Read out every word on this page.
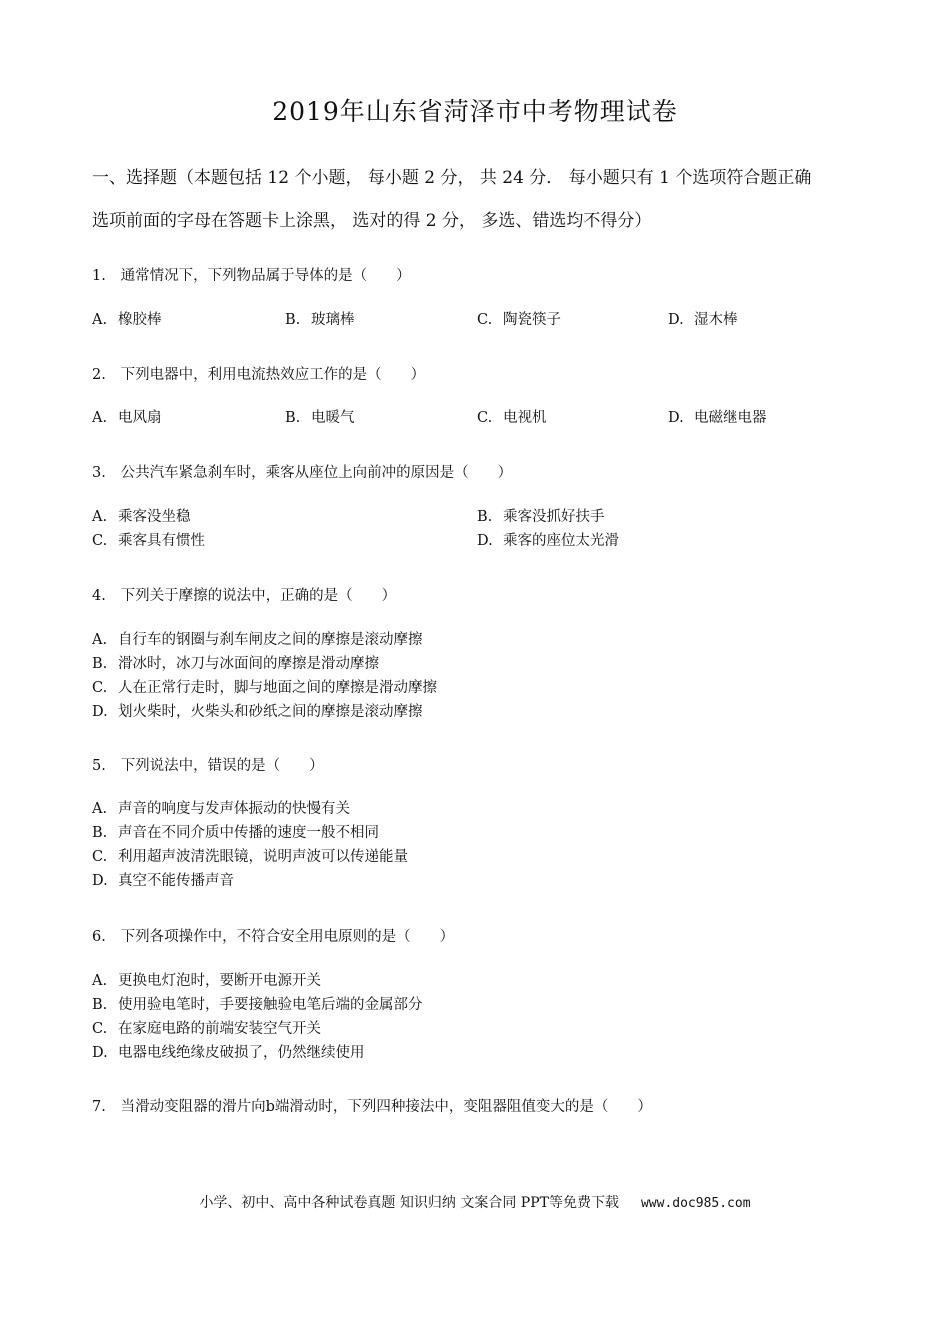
2019年山东省菏泽市中考物理试卷
一、选择题（本题包括 12 个小题， 每小题 2 分， 共 24 分． 每小题只有 1 个选项符合题正确
选项前面的字母在答题卡上涂黑， 选对的得 2 分， 多选、错选均不得分）
1. 通常情况下，下列物品属于导体的是（　　）
A. 橡胶棒	B. 玻璃棒	C. 陶瓷筷子	D. 湿木棒
2. 下列电器中，利用电流热效应工作的是（　　）
A. 电风扇	B. 电暖气	C. 电视机	D. 电磁继电器
3. 公共汽车紧急刹车时，乘客从座位上向前冲的原因是（　　）
A. 乘客没坐稳	B. 乘客没抓好扶手
C. 乘客具有惯性	D. 乘客的座位太光滑
4. 下列关于摩擦的说法中，正确的是（　　）
A. 自行车的钢圈与刹车闸皮之间的摩擦是滚动摩擦
B. 滑冰时，冰刀与冰面间的摩擦是滑动摩擦
C. 人在正常行走时，脚与地面之间的摩擦是滑动摩擦
D. 划火柴时，火柴头和砂纸之间的摩擦是滚动摩擦
5. 下列说法中，错误的是（　　）
A. 声音的响度与发声体振动的快慢有关
B. 声音在不同介质中传播的速度一般不相同
C. 利用超声波清洗眼镜，说明声波可以传递能量
D. 真空不能传播声音
6. 下列各项操作中，不符合安全用电原则的是（　　）
A. 更换电灯泡时，要断开电源开关
B. 使用验电笔时，手要接触验电笔后端的金属部分
C. 在家庭电路的前端安装空气开关
D. 电器电线绝缘皮破损了，仍然继续使用
7. 当滑动变阻器的滑片向b端滑动时，下列四种接法中，变阻器阻值变大的是（　　）
小学、初中、高中各种试卷真题 知识归纳 文案合同 PPT等免费下载 www.doc985.com
